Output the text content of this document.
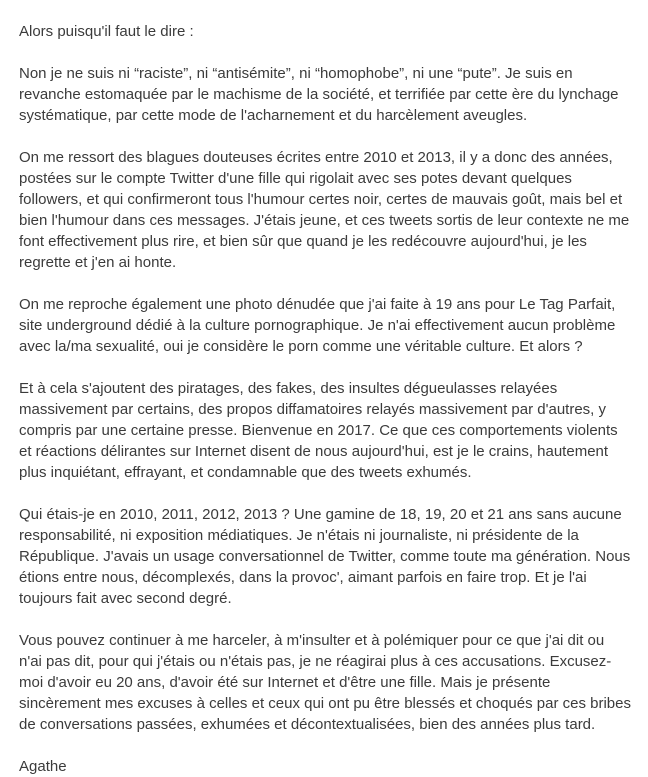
Alors puisqu'il faut le dire :

Non je ne suis ni “raciste”, ni “antisémite”, ni “homophobe”, ni une “pute”. Je suis en revanche estomaquée par le machisme de la société, et terrifiée par cette ère du lynchage systématique, par cette mode de l'acharnement et du harcèlement aveugles.

On me ressort des blagues douteuses écrites entre 2010 et 2013, il y a donc des années, postées sur le compte Twitter d'une fille qui rigolait avec ses potes devant quelques followers, et qui confirmeront tous l'humour certes noir, certes de mauvais goût, mais bel et bien l'humour dans ces messages. J'étais jeune, et ces tweets sortis de leur contexte ne me font effectivement plus rire, et bien sûr que quand je les redécouvre aujourd'hui, je les regrette et j'en ai honte.

On me reproche également une photo dénudée que j'ai faite à 19 ans pour Le Tag Parfait, site underground dédié à la culture pornographique. Je n'ai effectivement aucun problème avec la/ma sexualité, oui je considère le porn comme une véritable culture. Et alors ?

Et à cela s'ajoutent des piratages, des fakes, des insultes dégueulasses relayées massivement par certains, des propos diffamatoires relayés massivement par d'autres, y compris par une certaine presse. Bienvenue en 2017. Ce que ces comportements violents et réactions délirantes sur Internet disent de nous aujourd'hui, est je le crains, hautement plus inquiétant, effrayant, et condamnable que des tweets exhumés.

Qui étais-je en 2010, 2011, 2012, 2013 ? Une gamine de 18, 19, 20 et 21 ans sans aucune responsabilité, ni exposition médiatiques. Je n'étais ni journaliste, ni présidente de la République. J'avais un usage conversationnel de Twitter, comme toute ma génération. Nous étions entre nous, décomplexés, dans la provoc', aimant parfois en faire trop. Et je l'ai toujours fait avec second degré.

Vous pouvez continuer à me harceler, à m'insulter et à polémiquer pour ce que j'ai dit ou n'ai pas dit, pour qui j'étais ou n'étais pas, je ne réagirai plus à ces accusations. Excusez-moi d'avoir eu 20 ans, d'avoir été sur Internet et d'être une fille. Mais je présente sincèrement mes excuses à celles et ceux qui ont pu être blessés et choqués par ces bribes de conversations passées, exhumées et décontextualisées, bien des années plus tard.

Agathe
